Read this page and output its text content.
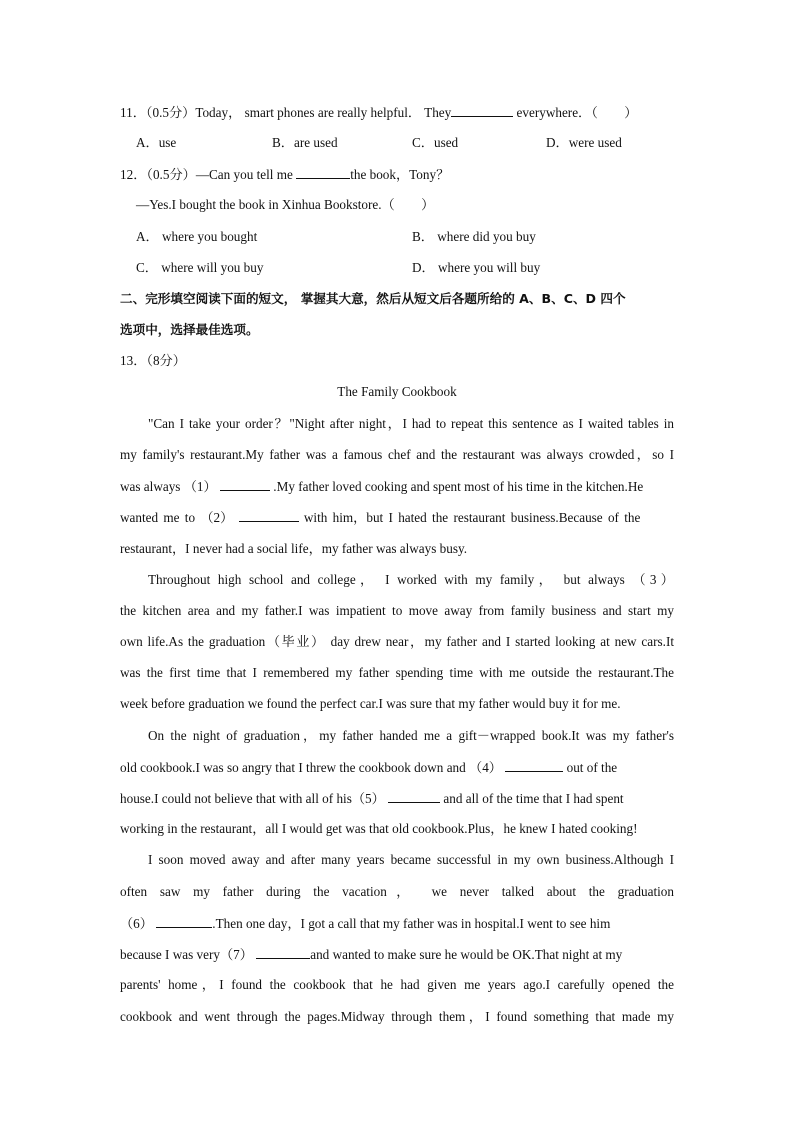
11．（0.5分）Today， smart phones are really helpful． They	everywhere．（　　）
A．use	B．are used	C．used	D．were used
12．（0.5分）—Can you tell me	the book，Tony？
—Yes.I bought the book in Xinhua Bookstore.（　　）
A． where you bought	B． where did you buy
C． where will you buy	D． where you will buy
二、完形填空阅读下面的短文， 掌握其大意，然后从短文后各题所给的 A、B、C、D 四个
选项中，选择最佳选项。
13．（8分）
The Family Cookbook
"Can I take your order？"Night after night，I had to repeat this sentence as I waited tables in
my family's restaurant.My father was a famous chef and the restaurant was always crowded，so I
was always （1）	.My father loved cooking and spent most of his time in the kitchen.He
wanted me to （2）	with him，but I hated the restaurant business.Because of the
restaurant，I never had a social life，my father was always busy.
Throughout high school and college， I worked with my family， but always （3）
the kitchen area and my father.I was impatient to move away from family business and start my
own life.As the graduation（毕业） day drew near，my father and I started looking at new cars.It
was the first time that I remembered my father spending time with me outside the restaurant.The
week before graduation we found the perfect car.I was sure that my father would buy it for me.
On the night of graduation，my father handed me a gift－wrapped book.It was my father's
old cookbook.I was so angry that I threw the cookbook down and （4）	out of the
house.I could not believe that with all of his（5）	and all of the time that I had spent
working in the restaurant，all I would get was that old cookbook.Plus，he knew I hated cooking!
I soon moved away and after many years became successful in my own business.Although I
often saw my father during the vacation， we never talked about the graduation
（6）	.Then one day，I got a call that my father was in hospital.I went to see him
because I was very（7）	and wanted to make sure he would be OK.That night at my
parents' home，I found the cookbook that he had given me years ago.I carefully opened the
cookbook and went through the pages.Midway through them，I found something that made my
